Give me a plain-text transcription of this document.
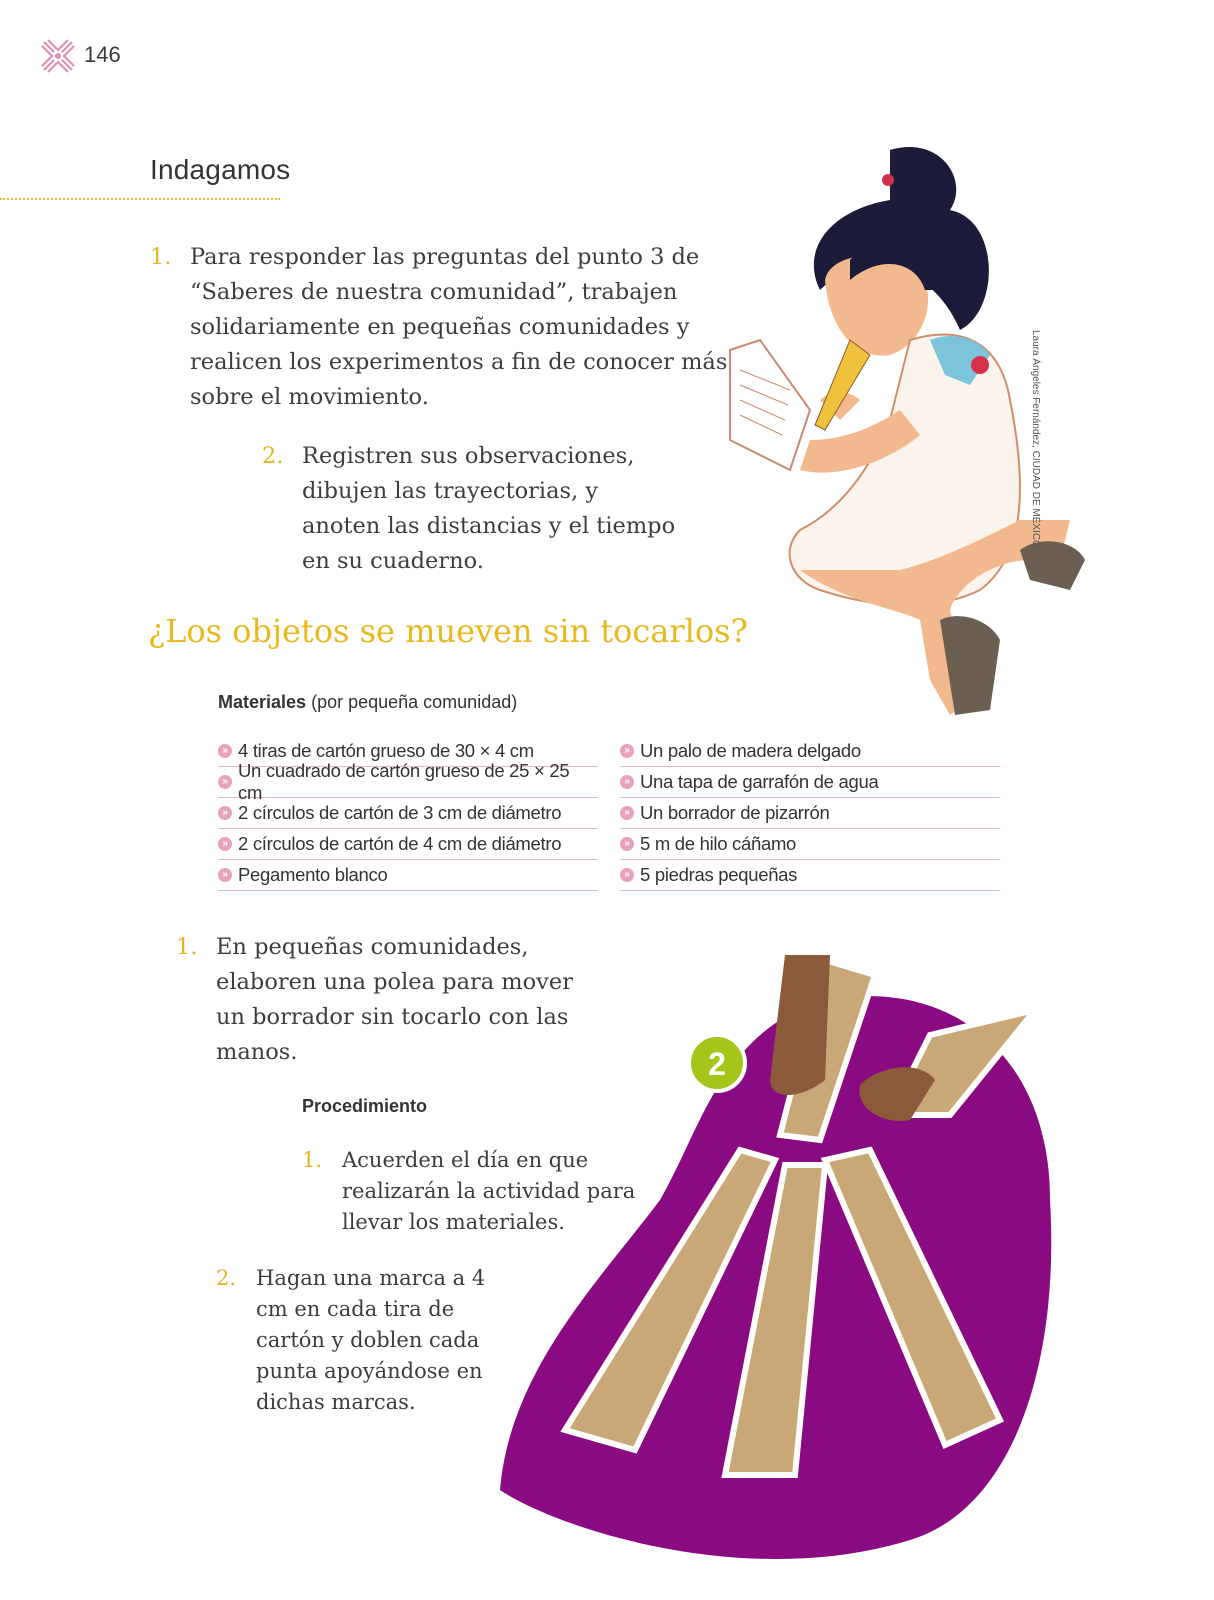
146
Indagamos
1. Para responder las preguntas del punto 3 de “Saberes de nuestra comunidad”, trabajen solidariamente en pequeñas comunidades y realicen los experimentos a fin de conocer más sobre el movimiento.
2. Registren sus observaciones, dibujen las trayectorias, y anoten las distancias y el tiempo en su cuaderno.
Laura Ángeles Fernández, CIUDAD DE MÉXICO
¿Los objetos se mueven sin tocarlos?
Materiales (por pequeña comunidad)
» 4 tiras de cartón grueso de 30 × 4 cm
»
Un cuadrado de cartón grueso de 25 × 25 cm
» 2 círculos de cartón de 3 cm de diámetro
» 2 círculos de cartón de 4 cm de diámetro
» Pegamento blanco
» Un palo de madera delgado
» Una tapa de garrafón de agua
» Un borrador de pizarrón
» 5 m de hilo cáñamo
» 5 piedras pequeñas
2
1. En pequeñas comunidades, elaboren una polea para mover un borrador sin tocarlo con las manos.
Procedimiento
1. Acuerden el día en que realizarán la actividad para llevar los materiales.
2. Hagan una marca a 4 cm en cada tira de cartón y doblen cada punta apoyándose en dichas marcas.
